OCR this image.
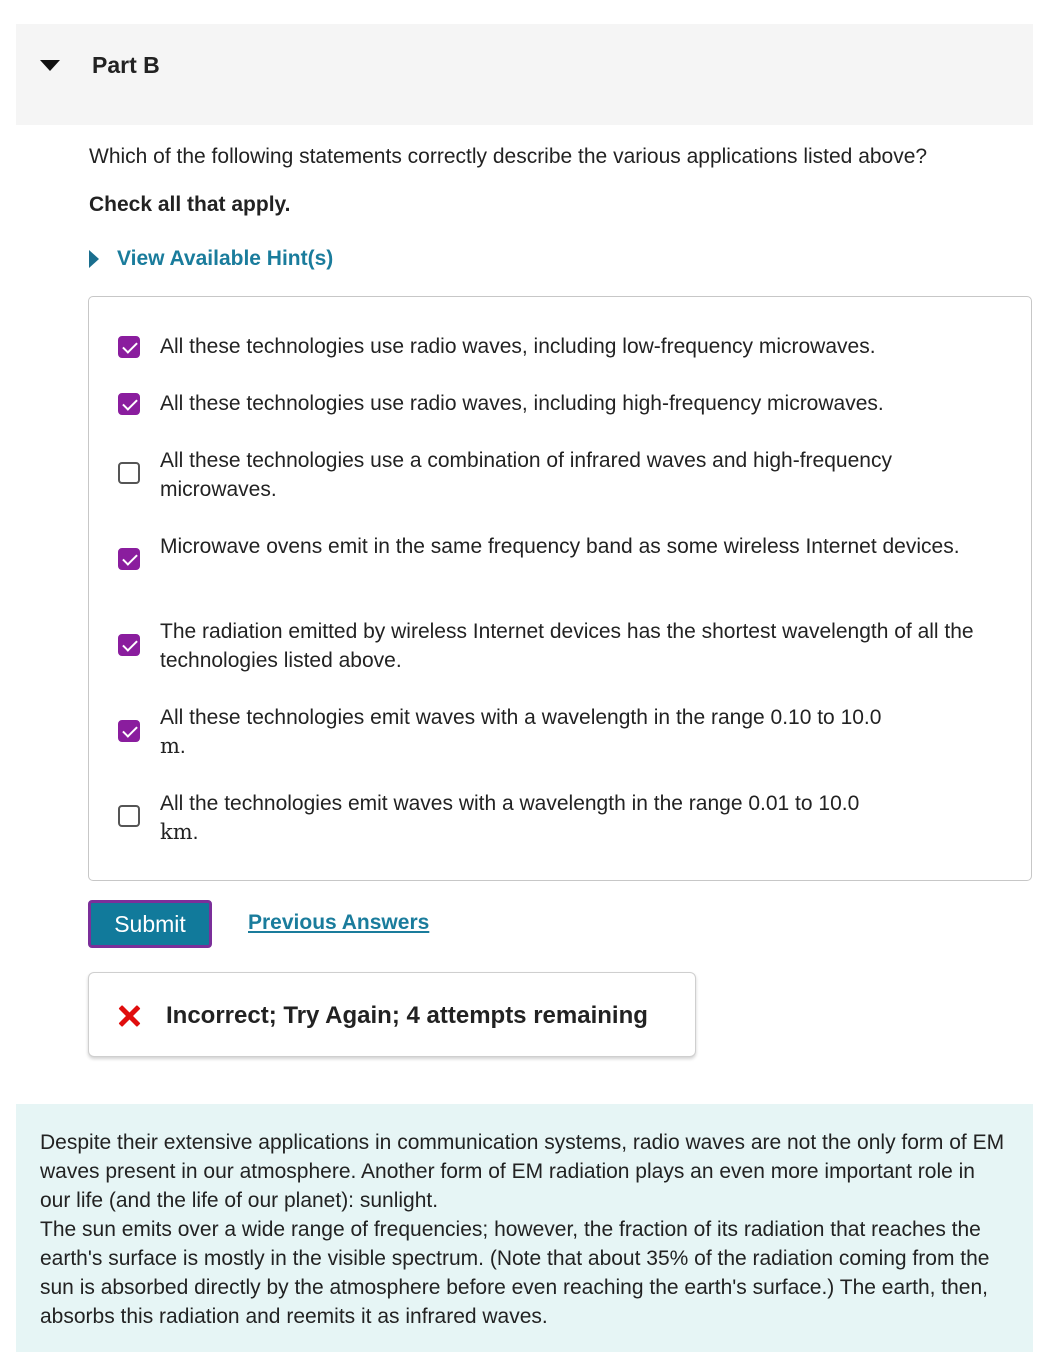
Part B
Which of the following statements correctly describe the various applications listed above?
Check all that apply.
View Available Hint(s)
All these technologies use radio waves, including low-frequency microwaves.
All these technologies use radio waves, including high-frequency microwaves.
All these technologies use a combination of infrared waves and high-frequency microwaves.
Microwave ovens emit in the same frequency band as some wireless Internet devices.
The radiation emitted by wireless Internet devices has the shortest wavelength of all the technologies listed above.
All these technologies emit waves with a wavelength in the range 0.10 to 10.0
m.
All the technologies emit waves with a wavelength in the range 0.01 to 10.0
km.
Submit	Previous Answers
Incorrect; Try Again; 4 attempts remaining

Despite their extensive applications in communication systems, radio waves are not the only form of EM waves present in our atmosphere. Another form of EM radiation plays an even more important role in our life (and the life of our planet): sunlight.

The sun emits over a wide range of frequencies; however, the fraction of its radiation that reaches the earth's surface is mostly in the visible spectrum. (Note that about 35% of the radiation coming from the sun is absorbed directly by the atmosphere before even reaching the earth's surface.) The earth, then, absorbs this radiation and reemits it as infrared waves.
